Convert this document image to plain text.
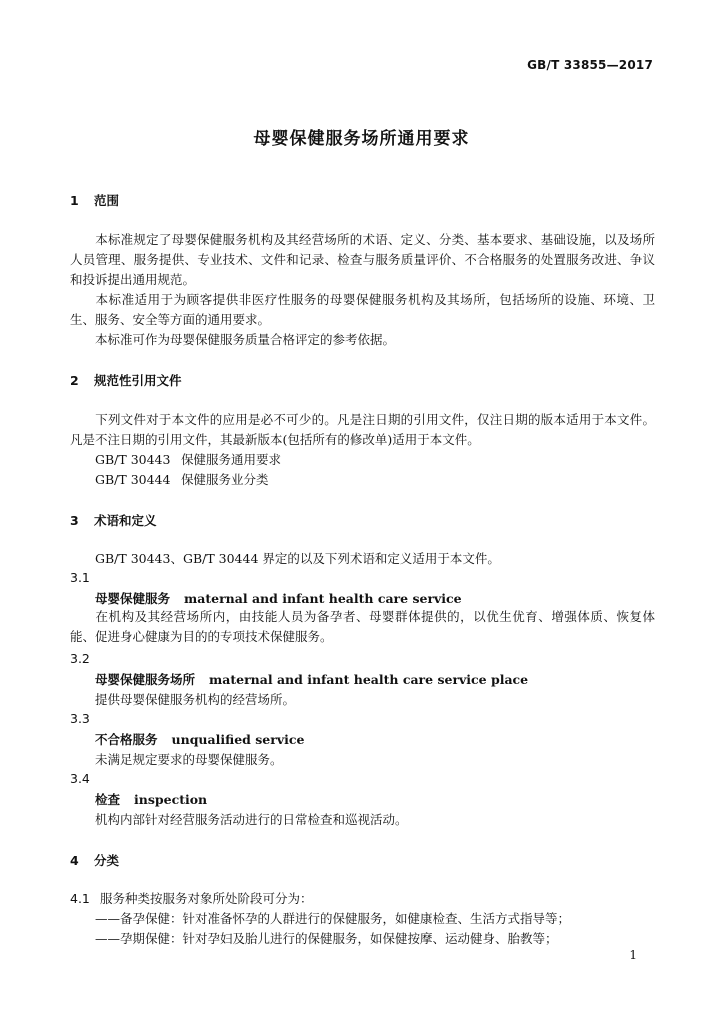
GB/T 33855—2017
母婴保健服务场所通用要求
1 范围
本标准规定了母婴保健服务机构及其经营场所的术语、定义、分类、基本要求、基础设施，以及场所人员管理、服务提供、专业技术、文件和记录、检查与服务质量评价、不合格服务的处置服务改进、争议和投诉提出通用规范。
本标准适用于为顾客提供非医疗性服务的母婴保健服务机构及其场所，包括场所的设施、环境、卫生、服务、安全等方面的通用要求。
本标准可作为母婴保健服务质量合格评定的参考依据。
2 规范性引用文件
下列文件对于本文件的应用是必不可少的。凡是注日期的引用文件，仅注日期的版本适用于本文件。凡是不注日期的引用文件，其最新版本(包括所有的修改单)适用于本文件。
GB/T 30443 保健服务通用要求
GB/T 30444 保健服务业分类
3 术语和定义
GB/T 30443、GB/T 30444 界定的以及下列术语和定义适用于本文件。
3.1
母婴保健服务 maternal and infant health care service
在机构及其经营场所内，由技能人员为备孕者、母婴群体提供的，以优生优育、增强体质、恢复体能、促进身心健康为目的的专项技术保健服务。
3.2
母婴保健服务场所 maternal and infant health care service place
提供母婴保健服务机构的经营场所。
3.3
不合格服务 unqualified service
未满足规定要求的母婴保健服务。
3.4
检查 inspection
机构内部针对经营服务活动进行的日常检查和巡视活动。
4 分类
4.1 服务种类按服务对象所处阶段可分为：
——备孕保健：针对准备怀孕的人群进行的保健服务，如健康检查、生活方式指导等；
——孕期保健：针对孕妇及胎儿进行的保健服务，如保健按摩、运动健身、胎教等；
1
